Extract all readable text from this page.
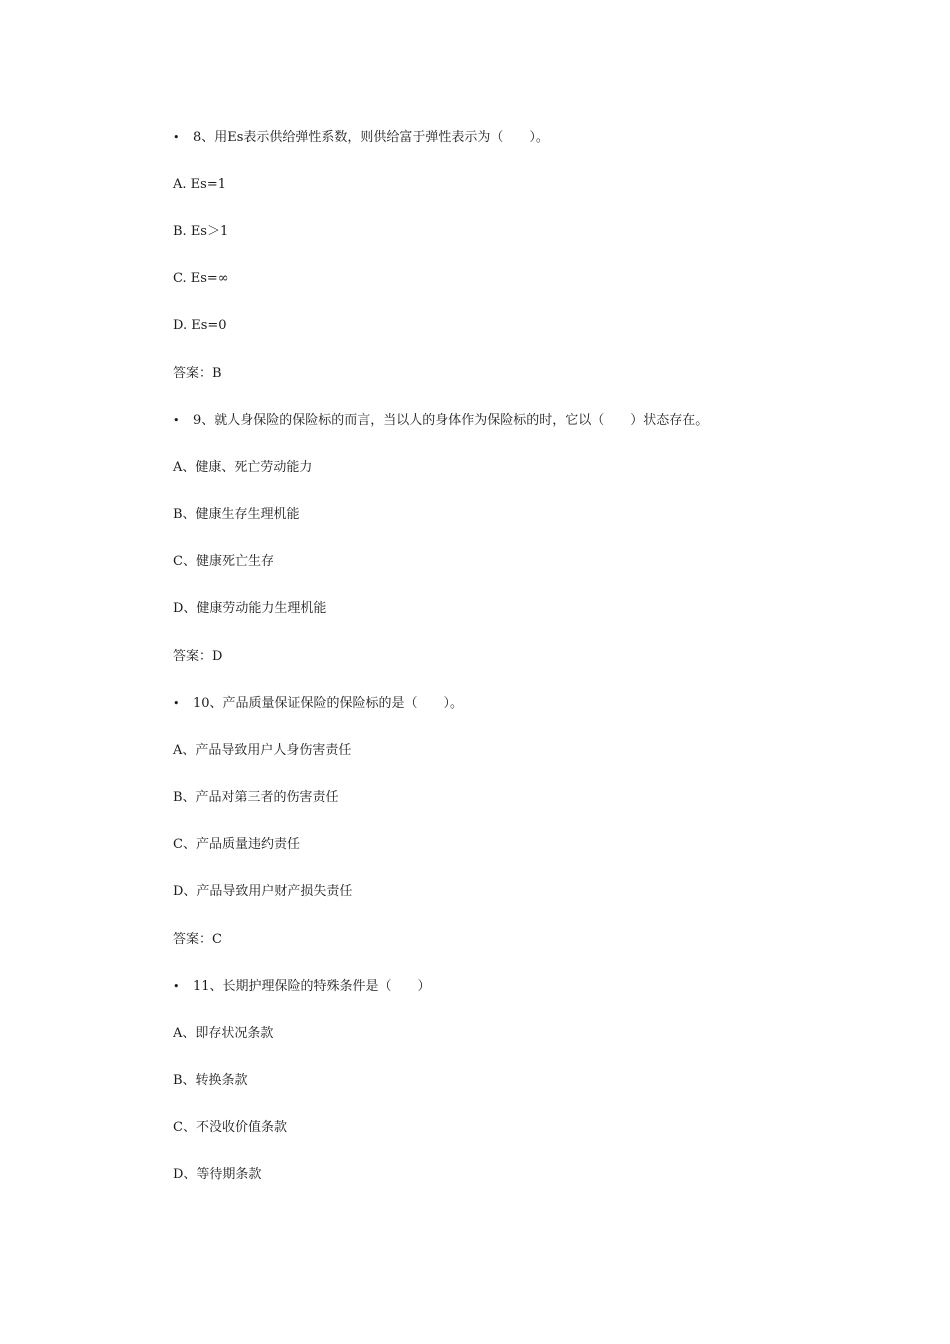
• 8、用Es表示供给弹性系数，则供给富于弹性表示为（　　）。
A. Es=1
B. Es＞1
C. Es=∞
D. Es=0
答案：B
• 9、就人身保险的保险标的而言，当以人的身体作为保险标的时，它以（　　）状态存在。
A、健康、死亡劳动能力
B、健康生存生理机能
C、健康死亡生存
D、健康劳动能力生理机能
答案：D
• 10、产品质量保证保险的保险标的是（　　）。
A、产品导致用户人身伤害责任
B、产品对第三者的伤害责任
C、产品质量违约责任
D、产品导致用户财产损失责任
答案：C
• 11、长期护理保险的特殊条件是（　　）
A、即存状况条款
B、转换条款
C、不没收价值条款
D、等待期条款
